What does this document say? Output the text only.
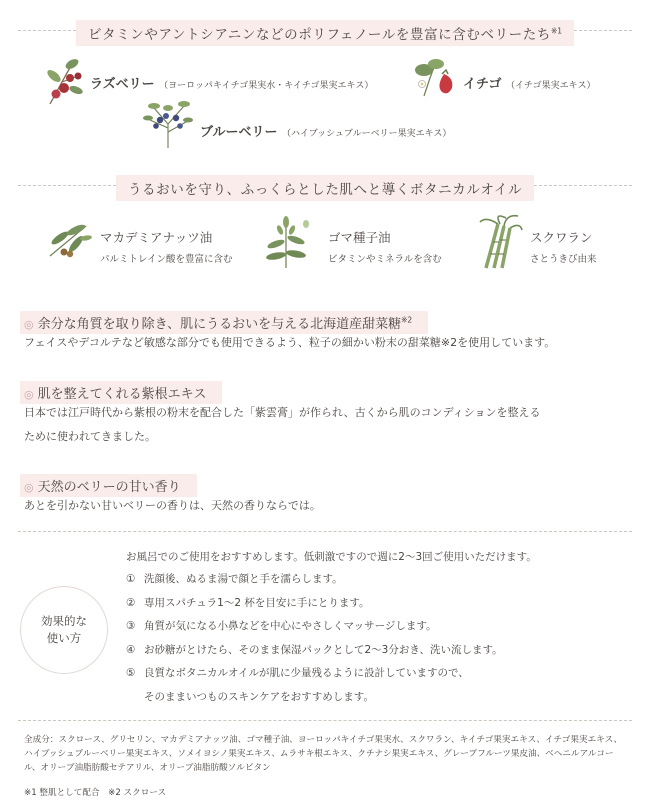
ビタミンやアントシアニンなどのポリフェノールを豊富に含むベリーたち$^{※1}$
ラズベリー （ヨーロッパキイチゴ果実水・キイチゴ果実エキス）	イチゴ （イチゴ果実エキス）
ブルーベリー （ハイブッシュブルーベリー果実エキス）
うるおいを守り、ふっくらとした肌へと導くボタニカルオイル
マカデミアナッツ油
パルミトレイン酸を豊富に含む
ゴマ種子油
ビタミンやミネラルを含む
スクワラン
さとうきび由来
◎ 余分な角質を取り除き、肌にうるおいを与える北海道産甜菜糖$^{※2}$
フェイスやデコルテなど敏感な部分でも使用できるよう、粒子の細かい粉末の甜菜糖※2を使用しています。
◎ 肌を整えてくれる紫根エキス
日本では江戸時代から紫根の粉末を配合した「紫雲膏」が作られ、古くから肌のコンディションを整える
ために使われてきました。
◎ 天然のベリーの甘い香り
あとを引かない甘いベリーの香りは、天然の香りならでは。
効果的な
使い方
お風呂でのご使用をおすすめします。低刺激ですので週に2～3回ご使用いただけます。
① 洗顔後、ぬるま湯で顔と手を濡らします。
② 専用スパチュラ1～2 杯を目安に手にとります。
③ 角質が気になる小鼻などを中心にやさしくマッサージします。
④ お砂糖がとけたら、そのまま保湿パックとして2～3分おき、洗い流します。
⑤ 良質なボタニカルオイルが肌に少量残るように設計していますので、
そのままいつものスキンケアをおすすめします。
全成分：スクロース、グリセリン、マカデミアナッツ油、ゴマ種子油、ヨーロッパキイチゴ果実水、スクワラン、キイチゴ果実エキス、イチゴ果実エキス、ハイブッシュブルーベリー果実エキス、ソメイヨシノ果実エキス、ムラサキ根エキス、クチナシ果実エキス、グレープフルーツ果皮油、ベヘニルアルコール、オリーブ油脂肪酸セテアリル、オリーブ油脂肪酸ソルビタン
※1 整肌として配合　※2 スクロース
